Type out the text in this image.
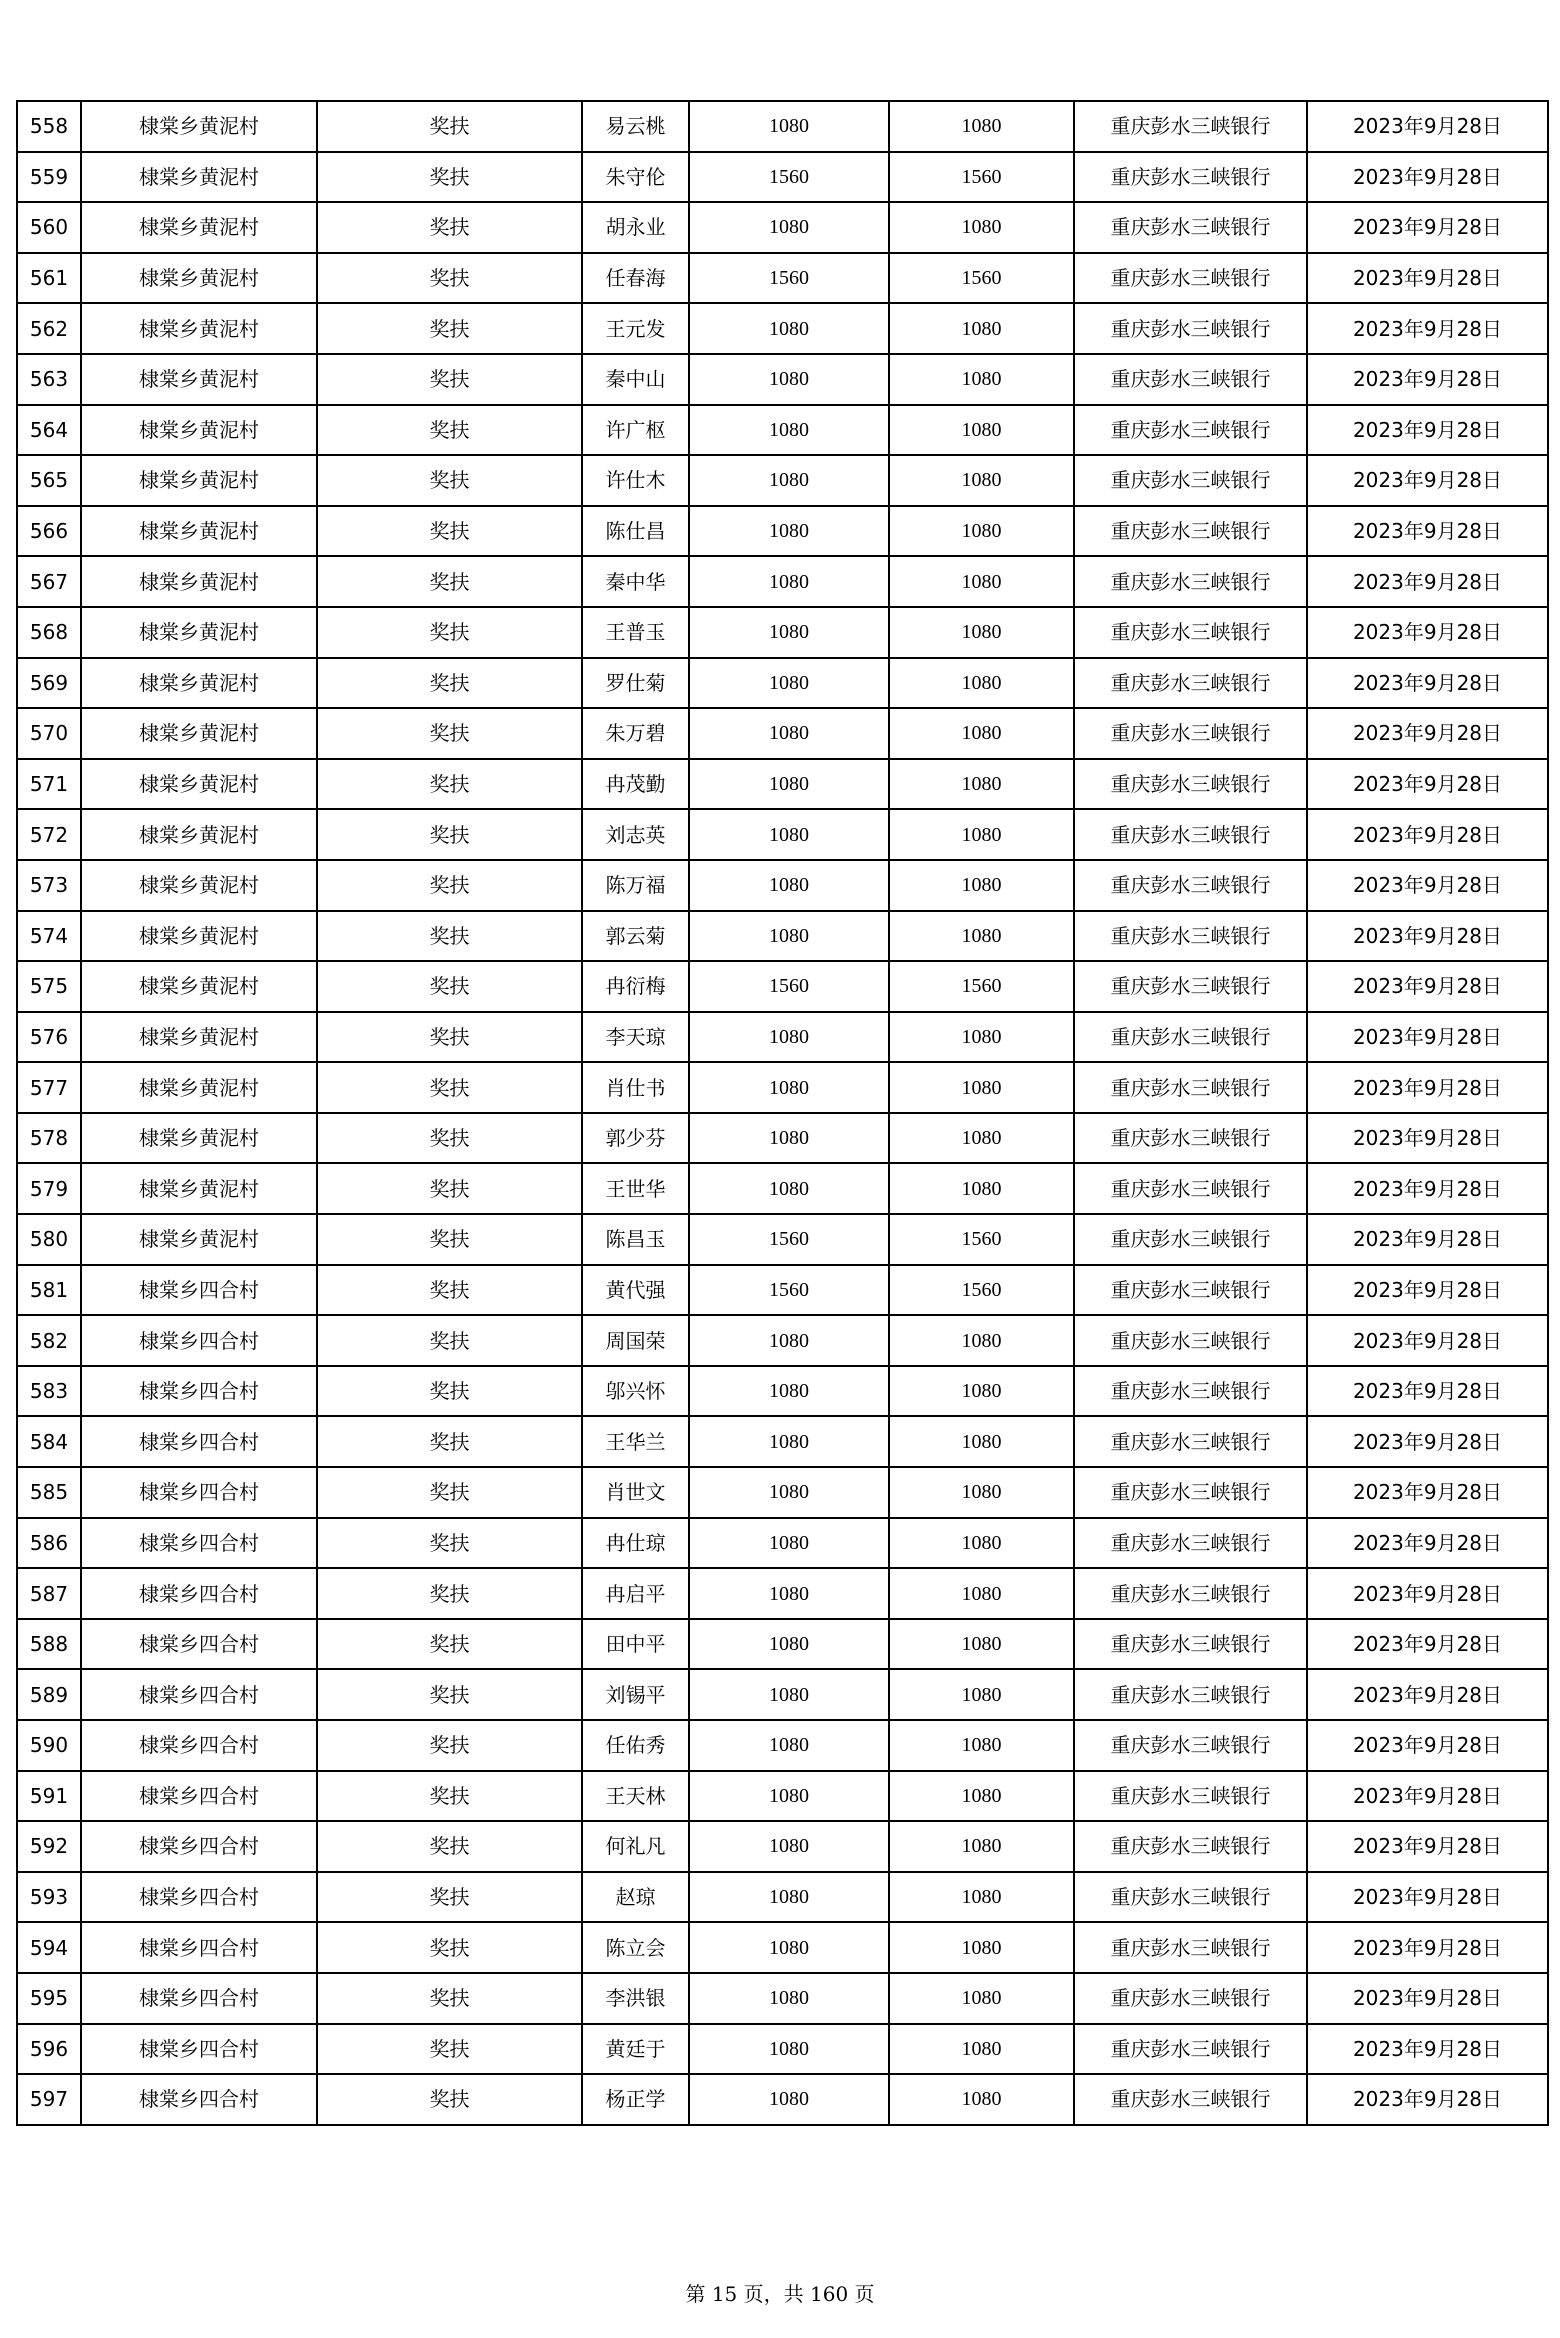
558	棣棠乡黄泥村	奖扶	易云桃	1080	1080	重庆彭水三峡银行	2023年9月28日
559	棣棠乡黄泥村	奖扶	朱守伦	1560	1560	重庆彭水三峡银行	2023年9月28日
560	棣棠乡黄泥村	奖扶	胡永业	1080	1080	重庆彭水三峡银行	2023年9月28日
561	棣棠乡黄泥村	奖扶	任春海	1560	1560	重庆彭水三峡银行	2023年9月28日
562	棣棠乡黄泥村	奖扶	王元发	1080	1080	重庆彭水三峡银行	2023年9月28日
563	棣棠乡黄泥村	奖扶	秦中山	1080	1080	重庆彭水三峡银行	2023年9月28日
564	棣棠乡黄泥村	奖扶	许广枢	1080	1080	重庆彭水三峡银行	2023年9月28日
565	棣棠乡黄泥村	奖扶	许仕木	1080	1080	重庆彭水三峡银行	2023年9月28日
566	棣棠乡黄泥村	奖扶	陈仕昌	1080	1080	重庆彭水三峡银行	2023年9月28日
567	棣棠乡黄泥村	奖扶	秦中华	1080	1080	重庆彭水三峡银行	2023年9月28日
568	棣棠乡黄泥村	奖扶	王普玉	1080	1080	重庆彭水三峡银行	2023年9月28日
569	棣棠乡黄泥村	奖扶	罗仕菊	1080	1080	重庆彭水三峡银行	2023年9月28日
570	棣棠乡黄泥村	奖扶	朱万碧	1080	1080	重庆彭水三峡银行	2023年9月28日
571	棣棠乡黄泥村	奖扶	冉茂勤	1080	1080	重庆彭水三峡银行	2023年9月28日
572	棣棠乡黄泥村	奖扶	刘志英	1080	1080	重庆彭水三峡银行	2023年9月28日
573	棣棠乡黄泥村	奖扶	陈万福	1080	1080	重庆彭水三峡银行	2023年9月28日
574	棣棠乡黄泥村	奖扶	郭云菊	1080	1080	重庆彭水三峡银行	2023年9月28日
575	棣棠乡黄泥村	奖扶	冉衍梅	1560	1560	重庆彭水三峡银行	2023年9月28日
576	棣棠乡黄泥村	奖扶	李天琼	1080	1080	重庆彭水三峡银行	2023年9月28日
577	棣棠乡黄泥村	奖扶	肖仕书	1080	1080	重庆彭水三峡银行	2023年9月28日
578	棣棠乡黄泥村	奖扶	郭少芬	1080	1080	重庆彭水三峡银行	2023年9月28日
579	棣棠乡黄泥村	奖扶	王世华	1080	1080	重庆彭水三峡银行	2023年9月28日
580	棣棠乡黄泥村	奖扶	陈昌玉	1560	1560	重庆彭水三峡银行	2023年9月28日
581	棣棠乡四合村	奖扶	黄代强	1560	1560	重庆彭水三峡银行	2023年9月28日
582	棣棠乡四合村	奖扶	周国荣	1080	1080	重庆彭水三峡银行	2023年9月28日
583	棣棠乡四合村	奖扶	邬兴怀	1080	1080	重庆彭水三峡银行	2023年9月28日
584	棣棠乡四合村	奖扶	王华兰	1080	1080	重庆彭水三峡银行	2023年9月28日
585	棣棠乡四合村	奖扶	肖世文	1080	1080	重庆彭水三峡银行	2023年9月28日
586	棣棠乡四合村	奖扶	冉仕琼	1080	1080	重庆彭水三峡银行	2023年9月28日
587	棣棠乡四合村	奖扶	冉启平	1080	1080	重庆彭水三峡银行	2023年9月28日
588	棣棠乡四合村	奖扶	田中平	1080	1080	重庆彭水三峡银行	2023年9月28日
589	棣棠乡四合村	奖扶	刘锡平	1080	1080	重庆彭水三峡银行	2023年9月28日
590	棣棠乡四合村	奖扶	任佑秀	1080	1080	重庆彭水三峡银行	2023年9月28日
591	棣棠乡四合村	奖扶	王天林	1080	1080	重庆彭水三峡银行	2023年9月28日
592	棣棠乡四合村	奖扶	何礼凡	1080	1080	重庆彭水三峡银行	2023年9月28日
593	棣棠乡四合村	奖扶	赵琼	1080	1080	重庆彭水三峡银行	2023年9月28日
594	棣棠乡四合村	奖扶	陈立会	1080	1080	重庆彭水三峡银行	2023年9月28日
595	棣棠乡四合村	奖扶	李洪银	1080	1080	重庆彭水三峡银行	2023年9月28日
596	棣棠乡四合村	奖扶	黄廷于	1080	1080	重庆彭水三峡银行	2023年9月28日
597	棣棠乡四合村	奖扶	杨正学	1080	1080	重庆彭水三峡银行	2023年9月28日
第 15 页，共 160 页
